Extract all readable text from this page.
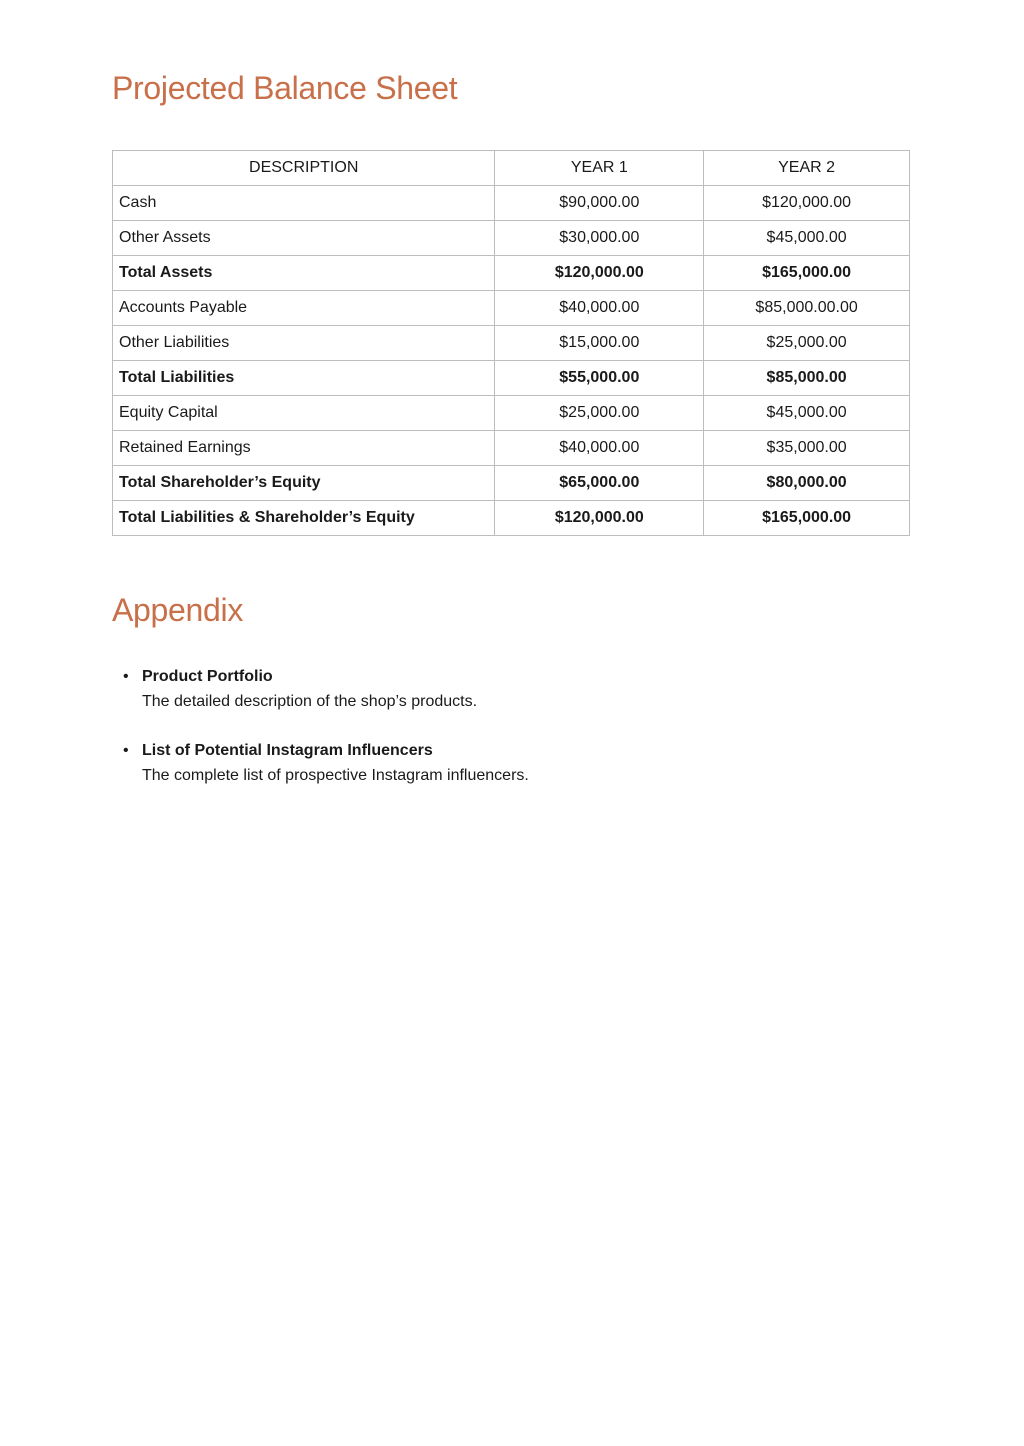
Projected Balance Sheet
DESCRIPTION	YEAR 1	YEAR 2
Cash	$90,000.00	$120,000.00
Other Assets	$30,000.00	$45,000.00
Total Assets	$120,000.00	$165,000.00
Accounts Payable	$40,000.00	$85,000.00.00
Other Liabilities	$15,000.00	$25,000.00
Total Liabilities	$55,000.00	$85,000.00
Equity Capital	$25,000.00	$45,000.00
Retained Earnings	$40,000.00	$35,000.00
Total Shareholder’s Equity	$65,000.00	$80,000.00
Total Liabilities & Shareholder’s Equity	$120,000.00	$165,000.00
Appendix
• Product Portfolio
The detailed description of the shop’s products.
• List of Potential Instagram Influencers
The complete list of prospective Instagram influencers.
